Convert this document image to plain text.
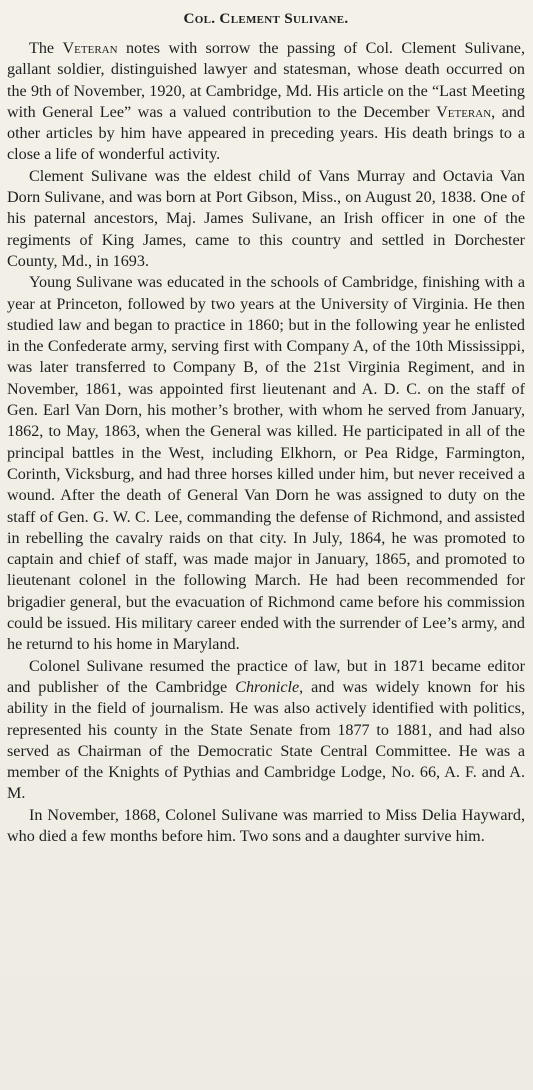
Col. Clement Sulivane.

The Veteran notes with sorrow the passing of Col. Clement Sulivane, gallant soldier, distinguished lawyer and statesman, whose death occurred on the 9th of November, 1920, at Cambridge, Md. His article on the “Last Meeting with General Lee” was a valued contribution to the December Veteran, and other articles by him have appeared in preceding years. His death brings to a close a life of wonderful activity.

Clement Sulivane was the eldest child of Vans Murray and Octavia Van Dorn Sulivane, and was born at Port Gibson, Miss., on August 20, 1838. One of his paternal ancestors, Maj. James Sulivane, an Irish officer in one of the regiments of King James, came to this country and settled in Dorchester County, Md., in 1693.

Young Sulivane was educated in the schools of Cambridge, finishing with a year at Princeton, followed by two years at the University of Virginia. He then studied law and began to practice in 1860; but in the following year he enlisted in the Confederate army, serving first with Company A, of the 10th Mississippi, was later transferred to Company B, of the 21st Virginia Regiment, and in November, 1861, was appointed first lieutenant and A. D. C. on the staff of Gen. Earl Van Dorn, his mother’s brother, with whom he served from January, 1862, to May, 1863, when the General was killed. He participated in all of the principal battles in the West, including Elkhorn, or Pea Ridge, Farmington, Corinth, Vicksburg, and had three horses killed under him, but never received a wound. After the death of General Van Dorn he was assigned to duty on the staff of Gen. G. W. C. Lee, commanding the defense of Richmond, and assisted in rebelling the cavalry raids on that city. In July, 1864, he was promoted to captain and chief of staff, was made major in January, 1865, and promoted to lieutenant colonel in the following March. He had been recommended for brigadier general, but the evacuation of Richmond came before his commission could be issued. His military career ended with the surrender of Lee’s army, and he returnd to his home in Maryland.

Colonel Sulivane resumed the practice of law, but in 1871 became editor and publisher of the Cambridge Chronicle, and was widely known for his ability in the field of journalism. He was also actively identified with politics, represented his county in the State Senate from 1877 to 1881, and had also served as Chairman of the Democratic State Central Committee. He was a member of the Knights of Pythias and Cambridge Lodge, No. 66, A. F. and A. M.

In November, 1868, Colonel Sulivane was married to Miss Delia Hayward, who died a few months before him. Two sons and a daughter survive him.
